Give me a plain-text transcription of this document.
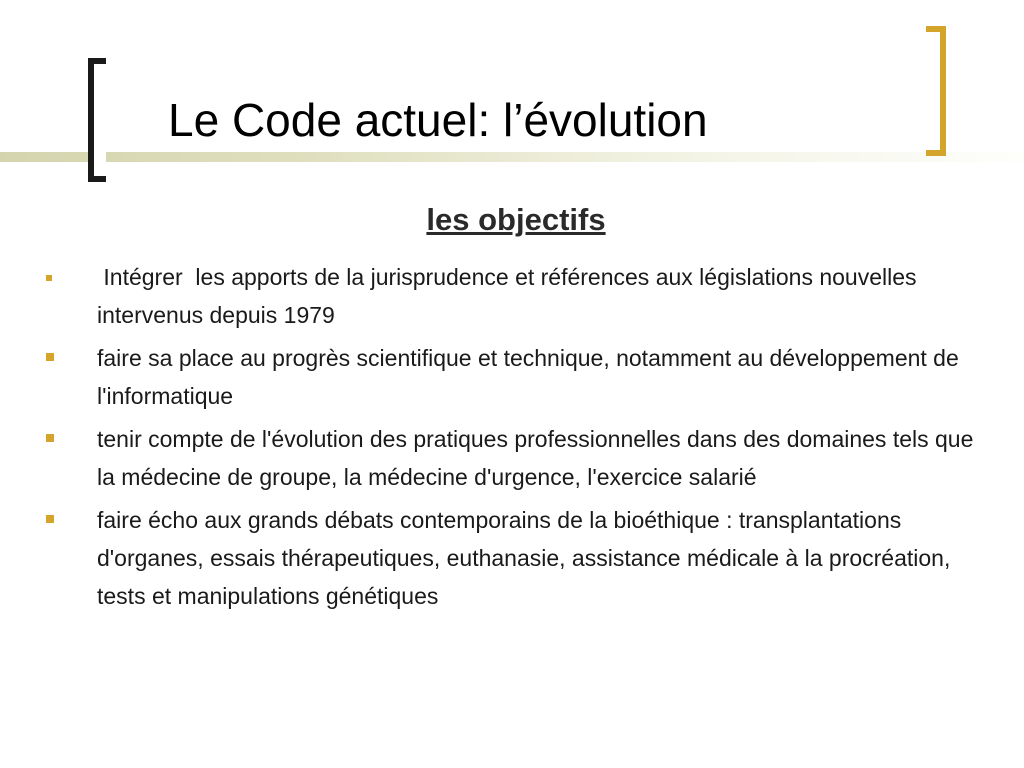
Le Code actuel: l’évolution
les objectifs
Intégrer  les apports de la jurisprudence et références aux législations nouvelles intervenus depuis 1979
faire sa place au progrès scientifique et technique, notamment au développement de l'informatique
tenir compte de l'évolution des pratiques professionnelles dans des domaines tels que la médecine de groupe, la médecine d'urgence, l'exercice salarié
faire écho aux grands débats contemporains de la bioéthique : transplantations d'organes, essais thérapeutiques, euthanasie, assistance médicale à la procréation, tests et manipulations génétiques
